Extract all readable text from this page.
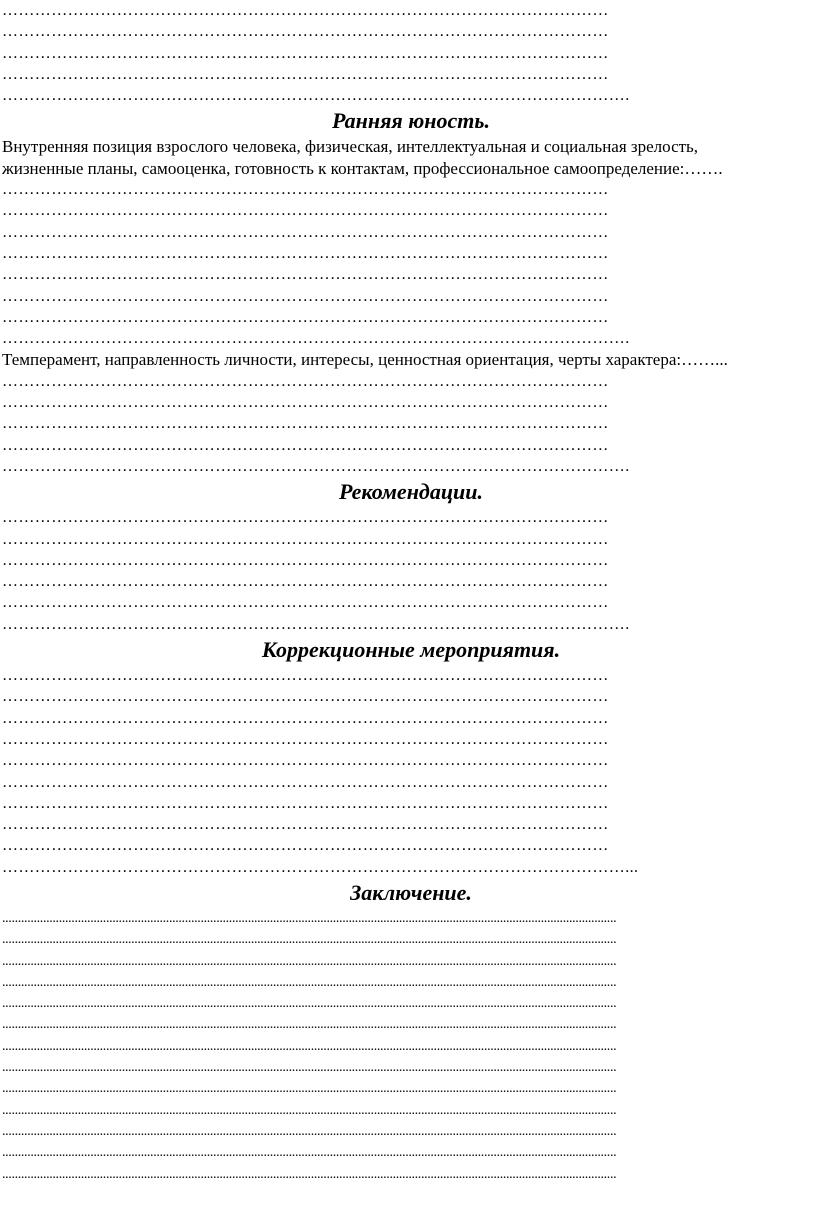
…………………………………………………………………………………………………
…………………………………………………………………………………………………
…………………………………………………………………………………………………
…………………………………………………………………………………………………
…………………………………………………………………………………………………….
Ранняя юность.
Внутренняя позиция взрослого человека, физическая, интеллектуальная и социальная зрелость,
жизненные планы, самооценка, готовность к контактам, профессиональное самоопределение:…….
…………………………………………………………………………………………………
…………………………………………………………………………………………………
…………………………………………………………………………………………………
…………………………………………………………………………………………………
…………………………………………………………………………………………………
…………………………………………………………………………………………………
…………………………………………………………………………………………………
…………………………………………………………………………………………………….
Темперамент, направленность личности, интересы, ценностная ориентация, черты характера:……...
…………………………………………………………………………………………………
…………………………………………………………………………………………………
…………………………………………………………………………………………………
…………………………………………………………………………………………………
…………………………………………………………………………………………………….
Рекомендации.
…………………………………………………………………………………………………
…………………………………………………………………………………………………
…………………………………………………………………………………………………
…………………………………………………………………………………………………
…………………………………………………………………………………………………
…………………………………………………………………………………………………….
Коррекционные мероприятия.
…………………………………………………………………………………………………
…………………………………………………………………………………………………
…………………………………………………………………………………………………
…………………………………………………………………………………………………
…………………………………………………………………………………………………
…………………………………………………………………………………………………
…………………………………………………………………………………………………
…………………………………………………………………………………………………
…………………………………………………………………………………………………
……………………………………………………………………………………………………...
Заключение.
...................................................................................................................................................................................................
...................................................................................................................................................................................................
...................................................................................................................................................................................................
...................................................................................................................................................................................................
...................................................................................................................................................................................................
...................................................................................................................................................................................................
...................................................................................................................................................................................................
...................................................................................................................................................................................................
...................................................................................................................................................................................................
...................................................................................................................................................................................................
...................................................................................................................................................................................................
...................................................................................................................................................................................................
...................................................................................................................................................................................................
